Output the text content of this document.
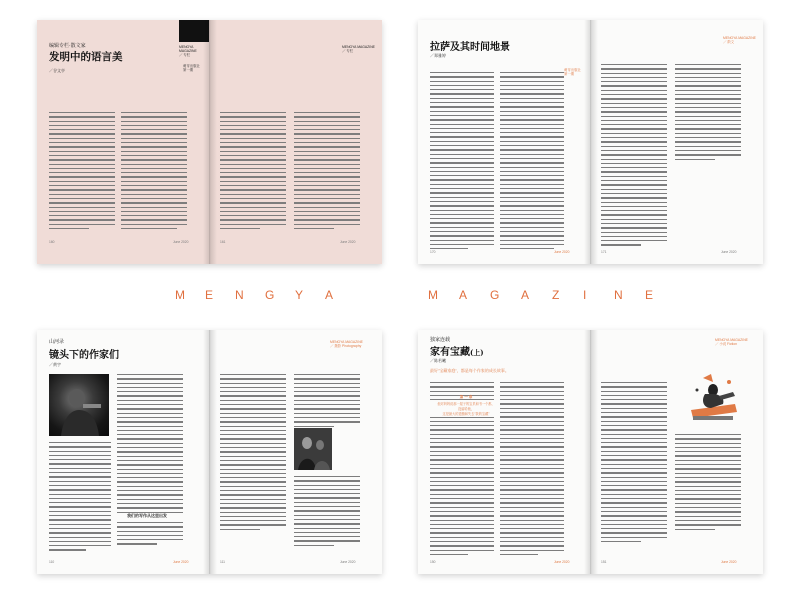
编辑专栏·散文家
发明中的语言美
／谷文亭
MENGYA MAGAZINE
／ 专栏
萌芽出版社
第一期
160	June 2020
MENGYA MAGAZINE
／ 专栏
161	June 2020
拉萨及其时间地景
／郑雅婷
萌芽出版社
第一期
170	June 2020
MENGYA MAGAZINE
／ 散文
171	June 2020
M E N G Y A	M A G A Z I N E
山河录
镜头下的作家们
／黄宇
我们的写作从这里出发
110	June 2020
MENGYA MAGAZINE
／ 摄影 Photography
111	June 2020
独家连载
家有宝藏(上)
／陈若曦
最好"宝藏家庭"，都是每个作家的成长故事。
第 一 章
他对妈妈说那一屋子的宝贝和书一个都，
没留给他，
这是最大的遗憾和失去"我的宝藏"
150	June 2020
MENGYA MAGAZINE
／ 小说 Fiction
151	June 2020
